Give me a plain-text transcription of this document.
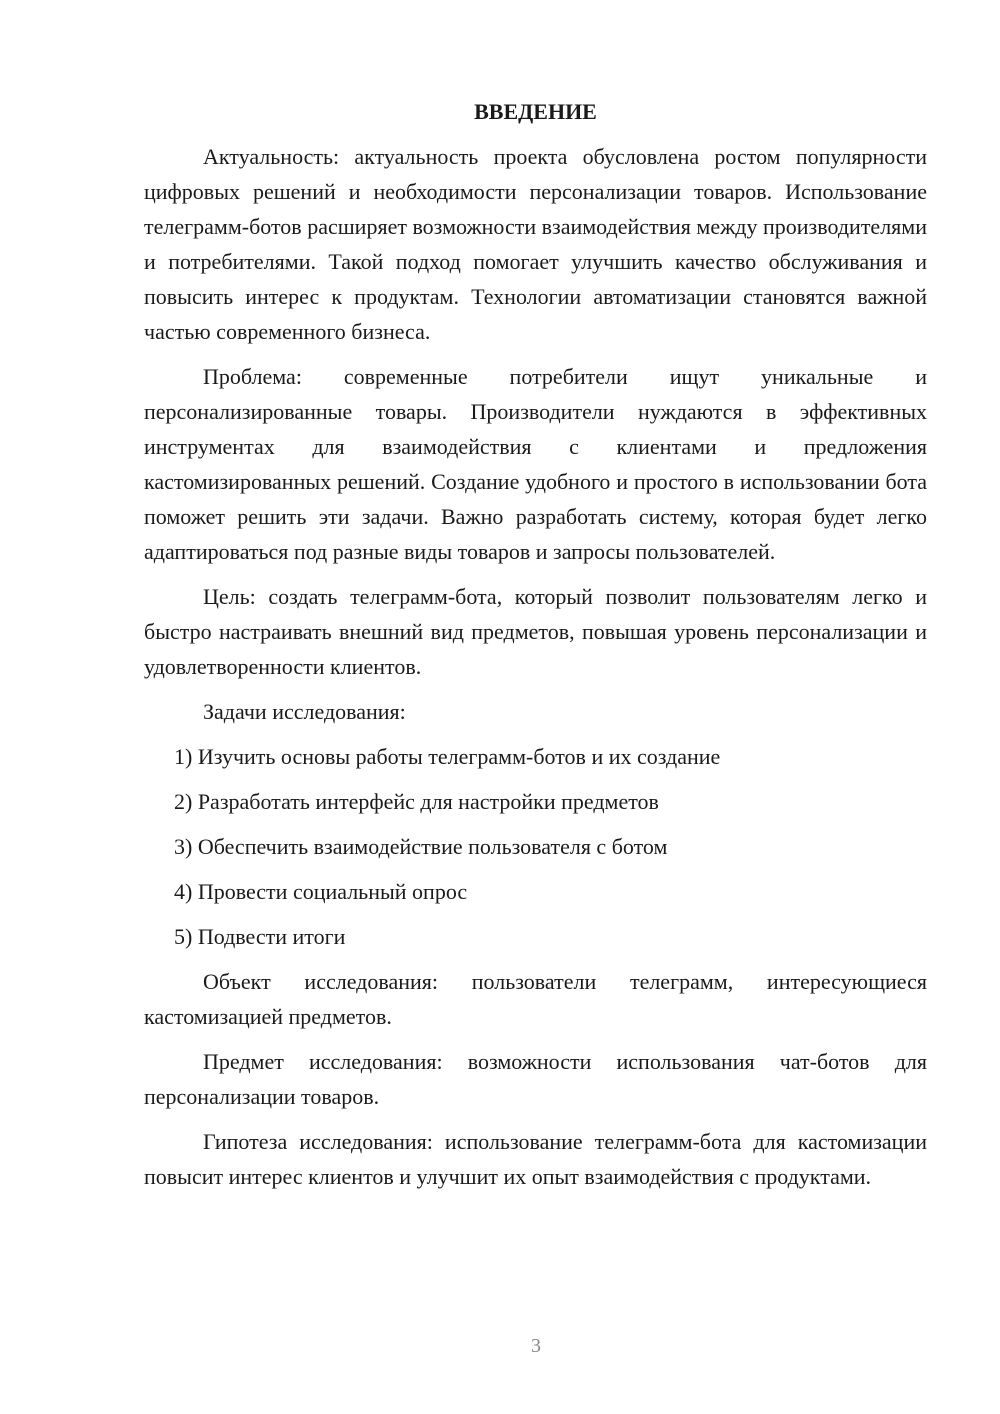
ВВЕДЕНИЕ

Актуальность: актуальность проекта обусловлена ростом популярности цифровых решений и необходимости персонализации товаров. Использование телеграмм-ботов расширяет возможности взаимодействия между производителями и потребителями. Такой подход помогает улучшить качество обслуживания и повысить интерес к продуктам. Технологии автоматизации становятся важной частью современного бизнеса.

Проблема: современные потребители ищут уникальные и персонализированные товары. Производители нуждаются в эффективных инструментах для взаимодействия с клиентами и предложения кастомизированных решений. Создание удобного и простого в использовании бота поможет решить эти задачи. Важно разработать систему, которая будет легко адаптироваться под разные виды товаров и запросы пользователей.

Цель: создать телеграмм-бота, который позволит пользователям легко и быстро настраивать внешний вид предметов, повышая уровень персонализации и удовлетворенности клиентов.

Задачи исследования:

1) Изучить основы работы телеграмм-ботов и их создание
2) Разработать интерфейс для настройки предметов
3) Обеспечить взаимодействие пользователя с ботом
4) Провести социальный опрос
5) Подвести итоги

Объект исследования: пользователи телеграмм, интересующиеся кастомизацией предметов.

Предмет исследования: возможности использования чат-ботов для персонализации товаров.

Гипотеза исследования: использование телеграмм-бота для кастомизации повысит интерес клиентов и улучшит их опыт взаимодействия с продуктами.

3
